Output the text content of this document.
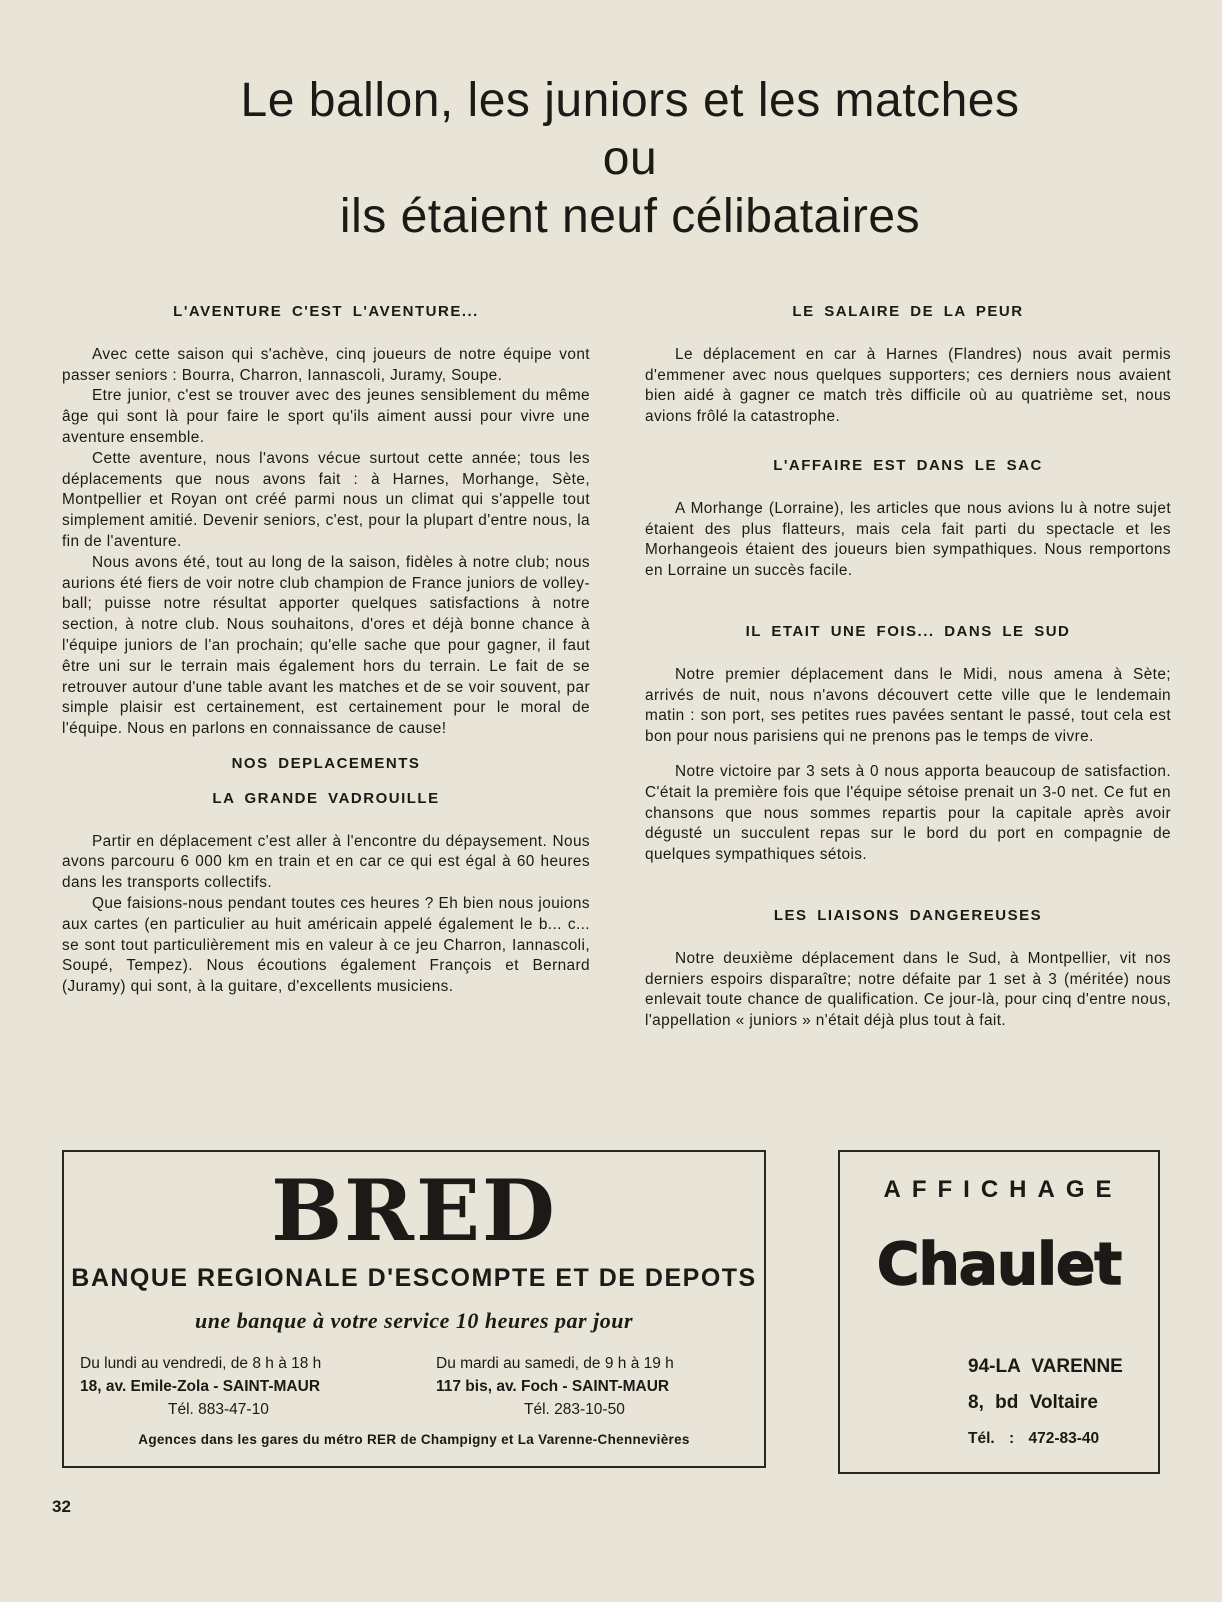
Le ballon, les juniors et les matches
ou
ils étaient neuf célibataires
L'AVENTURE C'EST L'AVENTURE...

Avec cette saison qui s'achève, cinq joueurs de notre équipe vont passer seniors : Bourra, Charron, Iannascoli, Juramy, Soupe.

Etre junior, c'est se trouver avec des jeunes sensiblement du même âge qui sont là pour faire le sport qu'ils aiment aussi pour vivre une aventure ensemble.

Cette aventure, nous l'avons vécue surtout cette année; tous les déplacements que nous avons fait : à Harnes, Morhange, Sète, Montpellier et Royan ont créé parmi nous un climat qui s'appelle tout simplement amitié. Devenir seniors, c'est, pour la plupart d'entre nous, la fin de l'aventure.

Nous avons été, tout au long de la saison, fidèles à notre club; nous aurions été fiers de voir notre club champion de France juniors de volley-ball; puisse notre résultat apporter quelques satisfactions à notre section, à notre club. Nous souhaitons, d'ores et déjà bonne chance à l'équipe juniors de l'an prochain; qu'elle sache que pour gagner, il faut être uni sur le terrain mais également hors du terrain. Le fait de se retrouver autour d'une table avant les matches et de se voir souvent, par simple plaisir est certainement, est certainement pour le moral de l'équipe. Nous en parlons en connaissance de cause!

NOS DEPLACEMENTS
LA GRANDE VADROUILLE

Partir en déplacement c'est aller à l'encontre du dépaysement. Nous avons parcouru 6 000 km en train et en car ce qui est égal à 60 heures dans les transports collectifs.

Que faisions-nous pendant toutes ces heures ? Eh bien nous jouions aux cartes (en particulier au huit américain appelé également le b... c... se sont tout particulièrement mis en valeur à ce jeu Charron, Iannascoli, Soupé, Tempez). Nous écoutions également François et Bernard (Juramy) qui sont, à la guitare, d'excellents musiciens.

LE SALAIRE DE LA PEUR

Le déplacement en car à Harnes (Flandres) nous avait permis d'emmener avec nous quelques supporters; ces derniers nous avaient bien aidé à gagner ce match très difficile où au quatrième set, nous avions frôlé la catastrophe.

L'AFFAIRE EST DANS LE SAC

A Morhange (Lorraine), les articles que nous avions lu à notre sujet étaient des plus flatteurs, mais cela fait parti du spectacle et les Morhangeois étaient des joueurs bien sympathiques. Nous remportons en Lorraine un succès facile.

IL ETAIT UNE FOIS... DANS LE SUD

Notre premier déplacement dans le Midi, nous amena à Sète; arrivés de nuit, nous n'avons découvert cette ville que le lendemain matin : son port, ses petites rues pavées sentant le passé, tout cela est bon pour nous parisiens qui ne prenons pas le temps de vivre.

Notre victoire par 3 sets à 0 nous apporta beaucoup de satisfaction. C'était la première fois que l'équipe sétoise prenait un 3-0 net. Ce fut en chansons que nous sommes repartis pour la capitale après avoir dégusté un succulent repas sur le bord du port en compagnie de quelques sympathiques sétois.

LES LIAISONS DANGEREUSES

Notre deuxième déplacement dans le Sud, à Montpellier, vit nos derniers espoirs disparaître; notre défaite par 1 set à 3 (méritée) nous enlevait toute chance de qualification. Ce jour-là, pour cinq d'entre nous, l'appellation « juniors » n'était déjà plus tout à fait.

BRED
BANQUE REGIONALE D'ESCOMPTE ET DE DEPOTS
une banque à votre service 10 heures par jour
Du lundi au vendredi, de 8 h à 18 h
18, av. Emile-Zola - SAINT-MAUR
Tél. 883-47-10
Du mardi au samedi, de 9 h à 19 h
117 bis, av. Foch - SAINT-MAUR
Tél. 283-10-50
Agences dans les gares du métro RER de Champigny et La Varenne-Chennevières
AFFICHAGE
Chaulet
94-LA VARENNE
8, bd Voltaire
Tél. : 472-83-40
32
